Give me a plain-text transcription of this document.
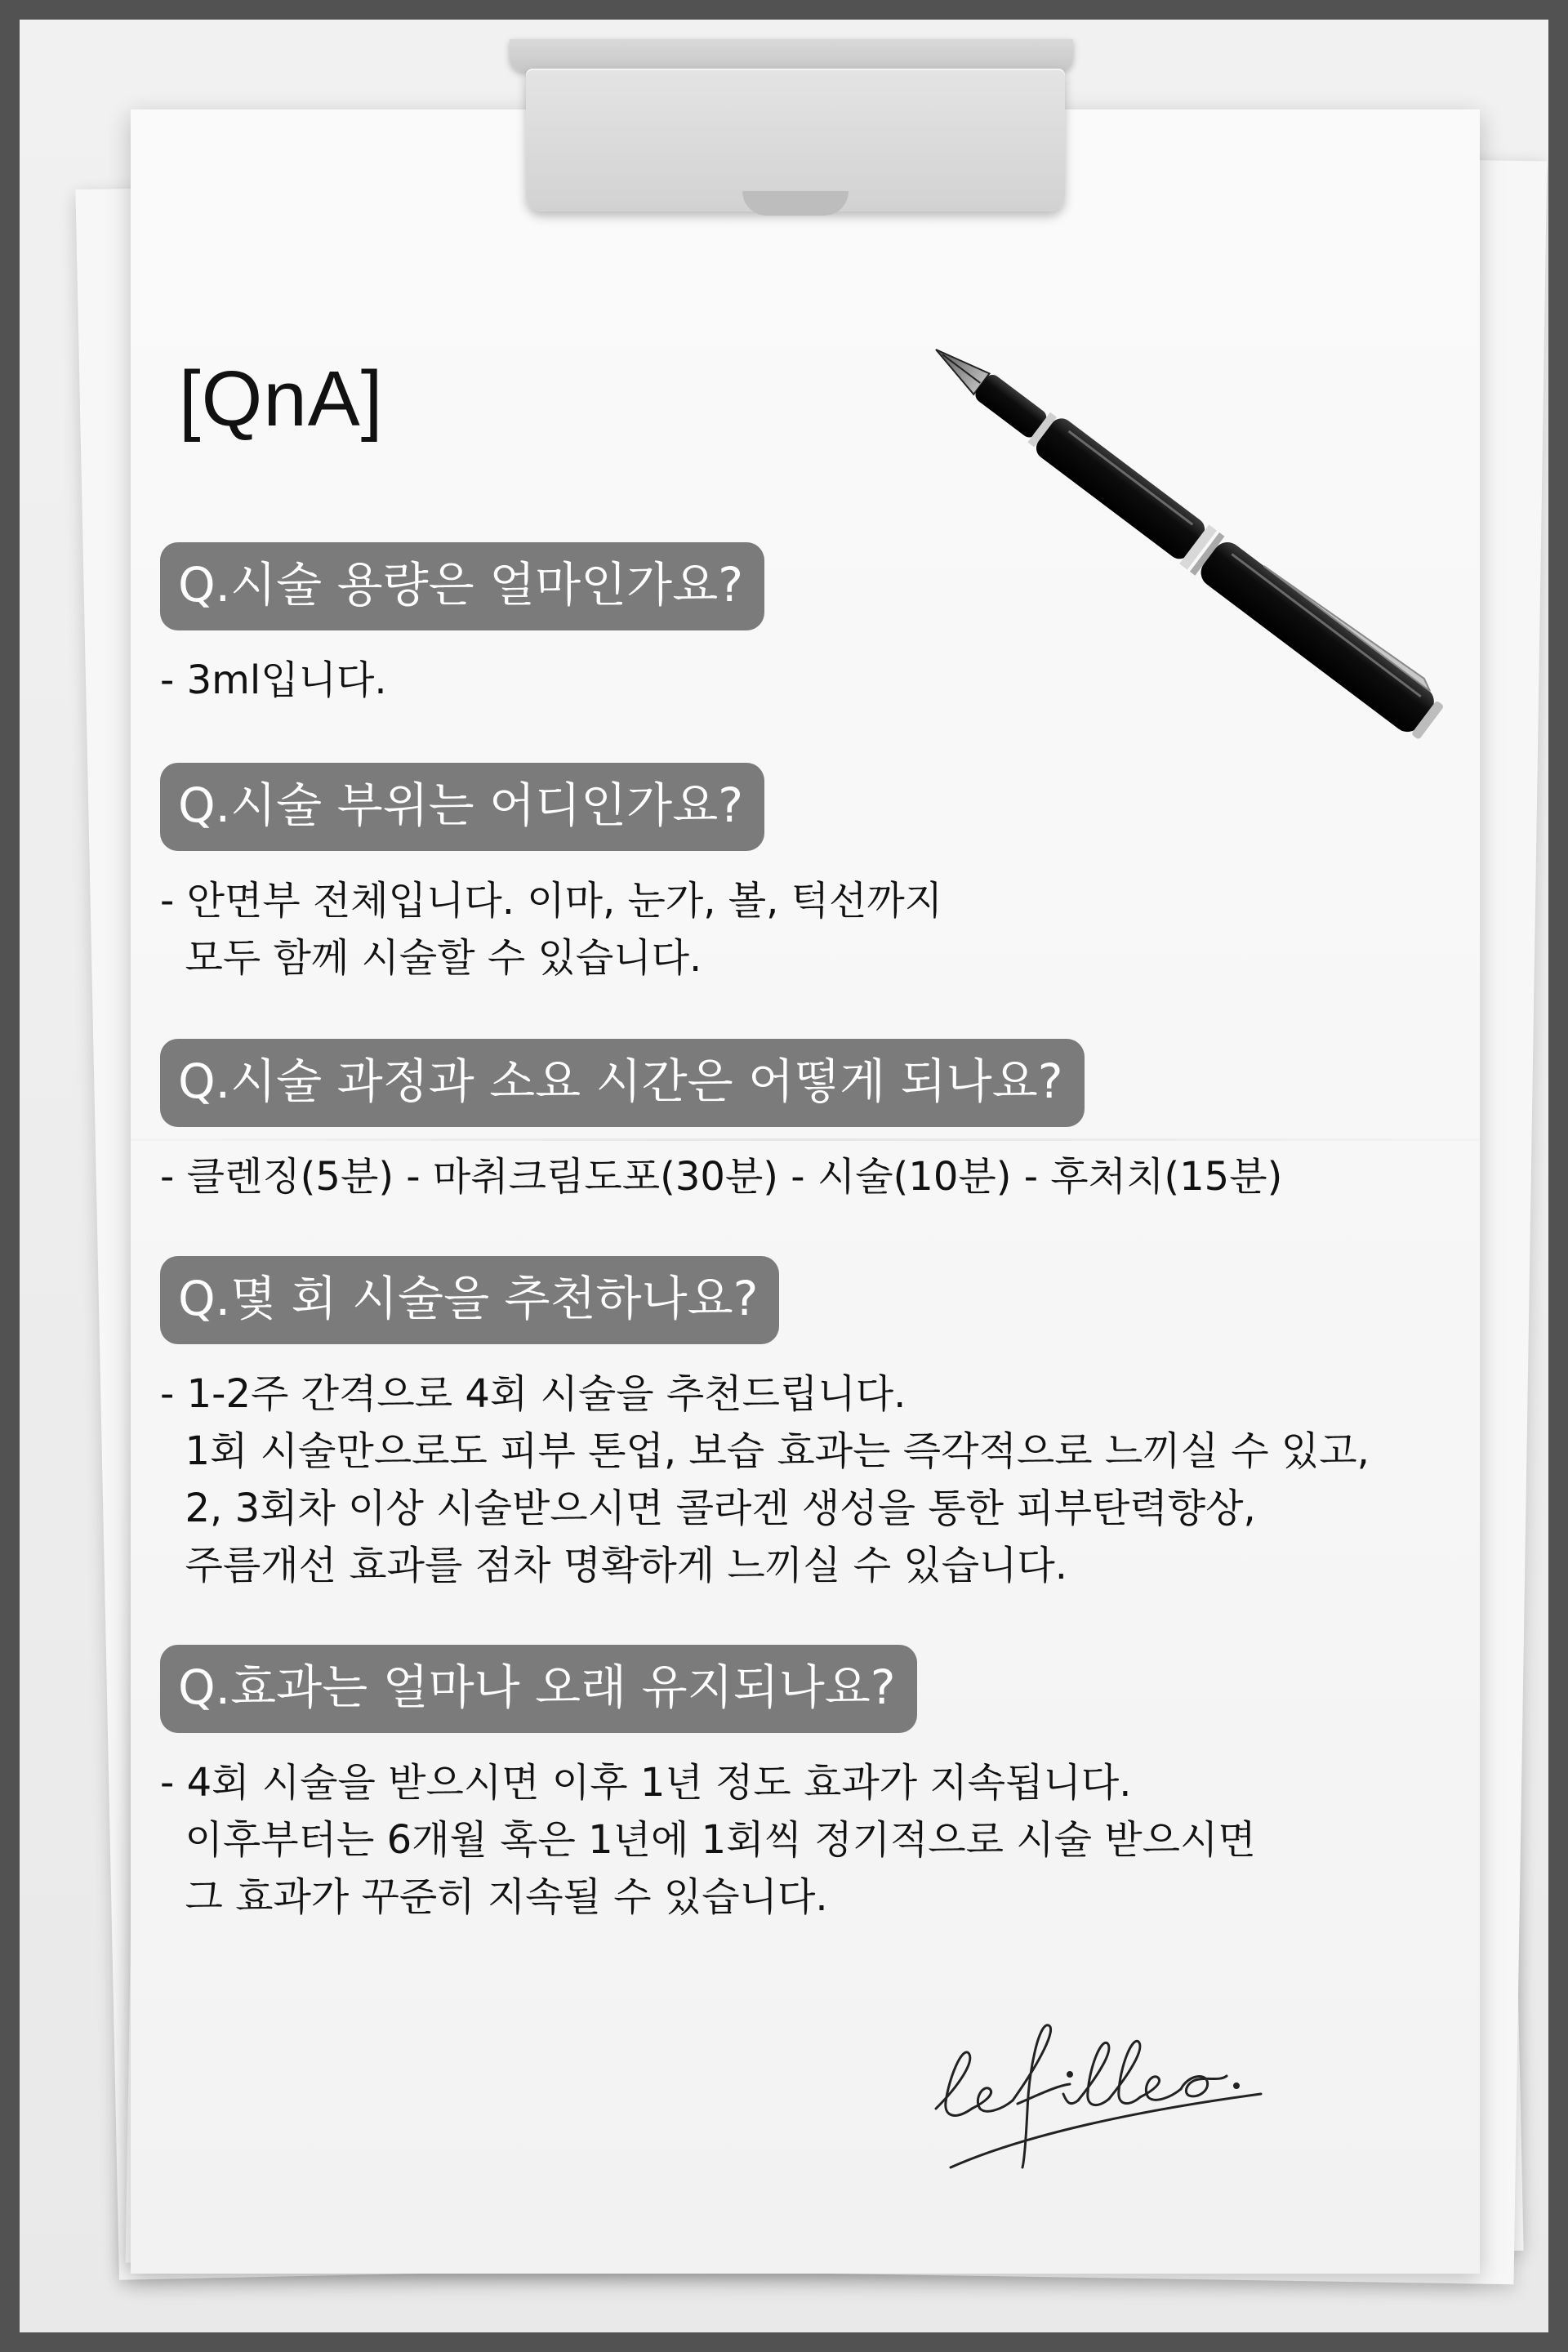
[QnA]
Q.시술 용량은 얼마인가요?
- 3ml입니다.
Q.시술 부위는 어디인가요?
- 안면부 전체입니다. 이마, 눈가, 볼, 턱선까지
모두 함께 시술할 수 있습니다.
Q.시술 과정과 소요 시간은 어떻게 되나요?
- 클렌징(5분) - 마취크림도포(30분) - 시술(10분) - 후처치(15분)
Q.몇 회 시술을 추천하나요?
- 1-2주 간격으로 4회 시술을 추천드립니다.
1회 시술만으로도 피부 톤업, 보습 효과는 즉각적으로 느끼실 수 있고,
2, 3회차 이상 시술받으시면 콜라겐 생성을 통한 피부탄력향상,
주름개선 효과를 점차 명확하게 느끼실 수 있습니다.
Q.효과는 얼마나 오래 유지되나요?
- 4회 시술을 받으시면 이후 1년 정도 효과가 지속됩니다.
이후부터는 6개월 혹은 1년에 1회씩 정기적으로 시술 받으시면
그 효과가 꾸준히 지속될 수 있습니다.
